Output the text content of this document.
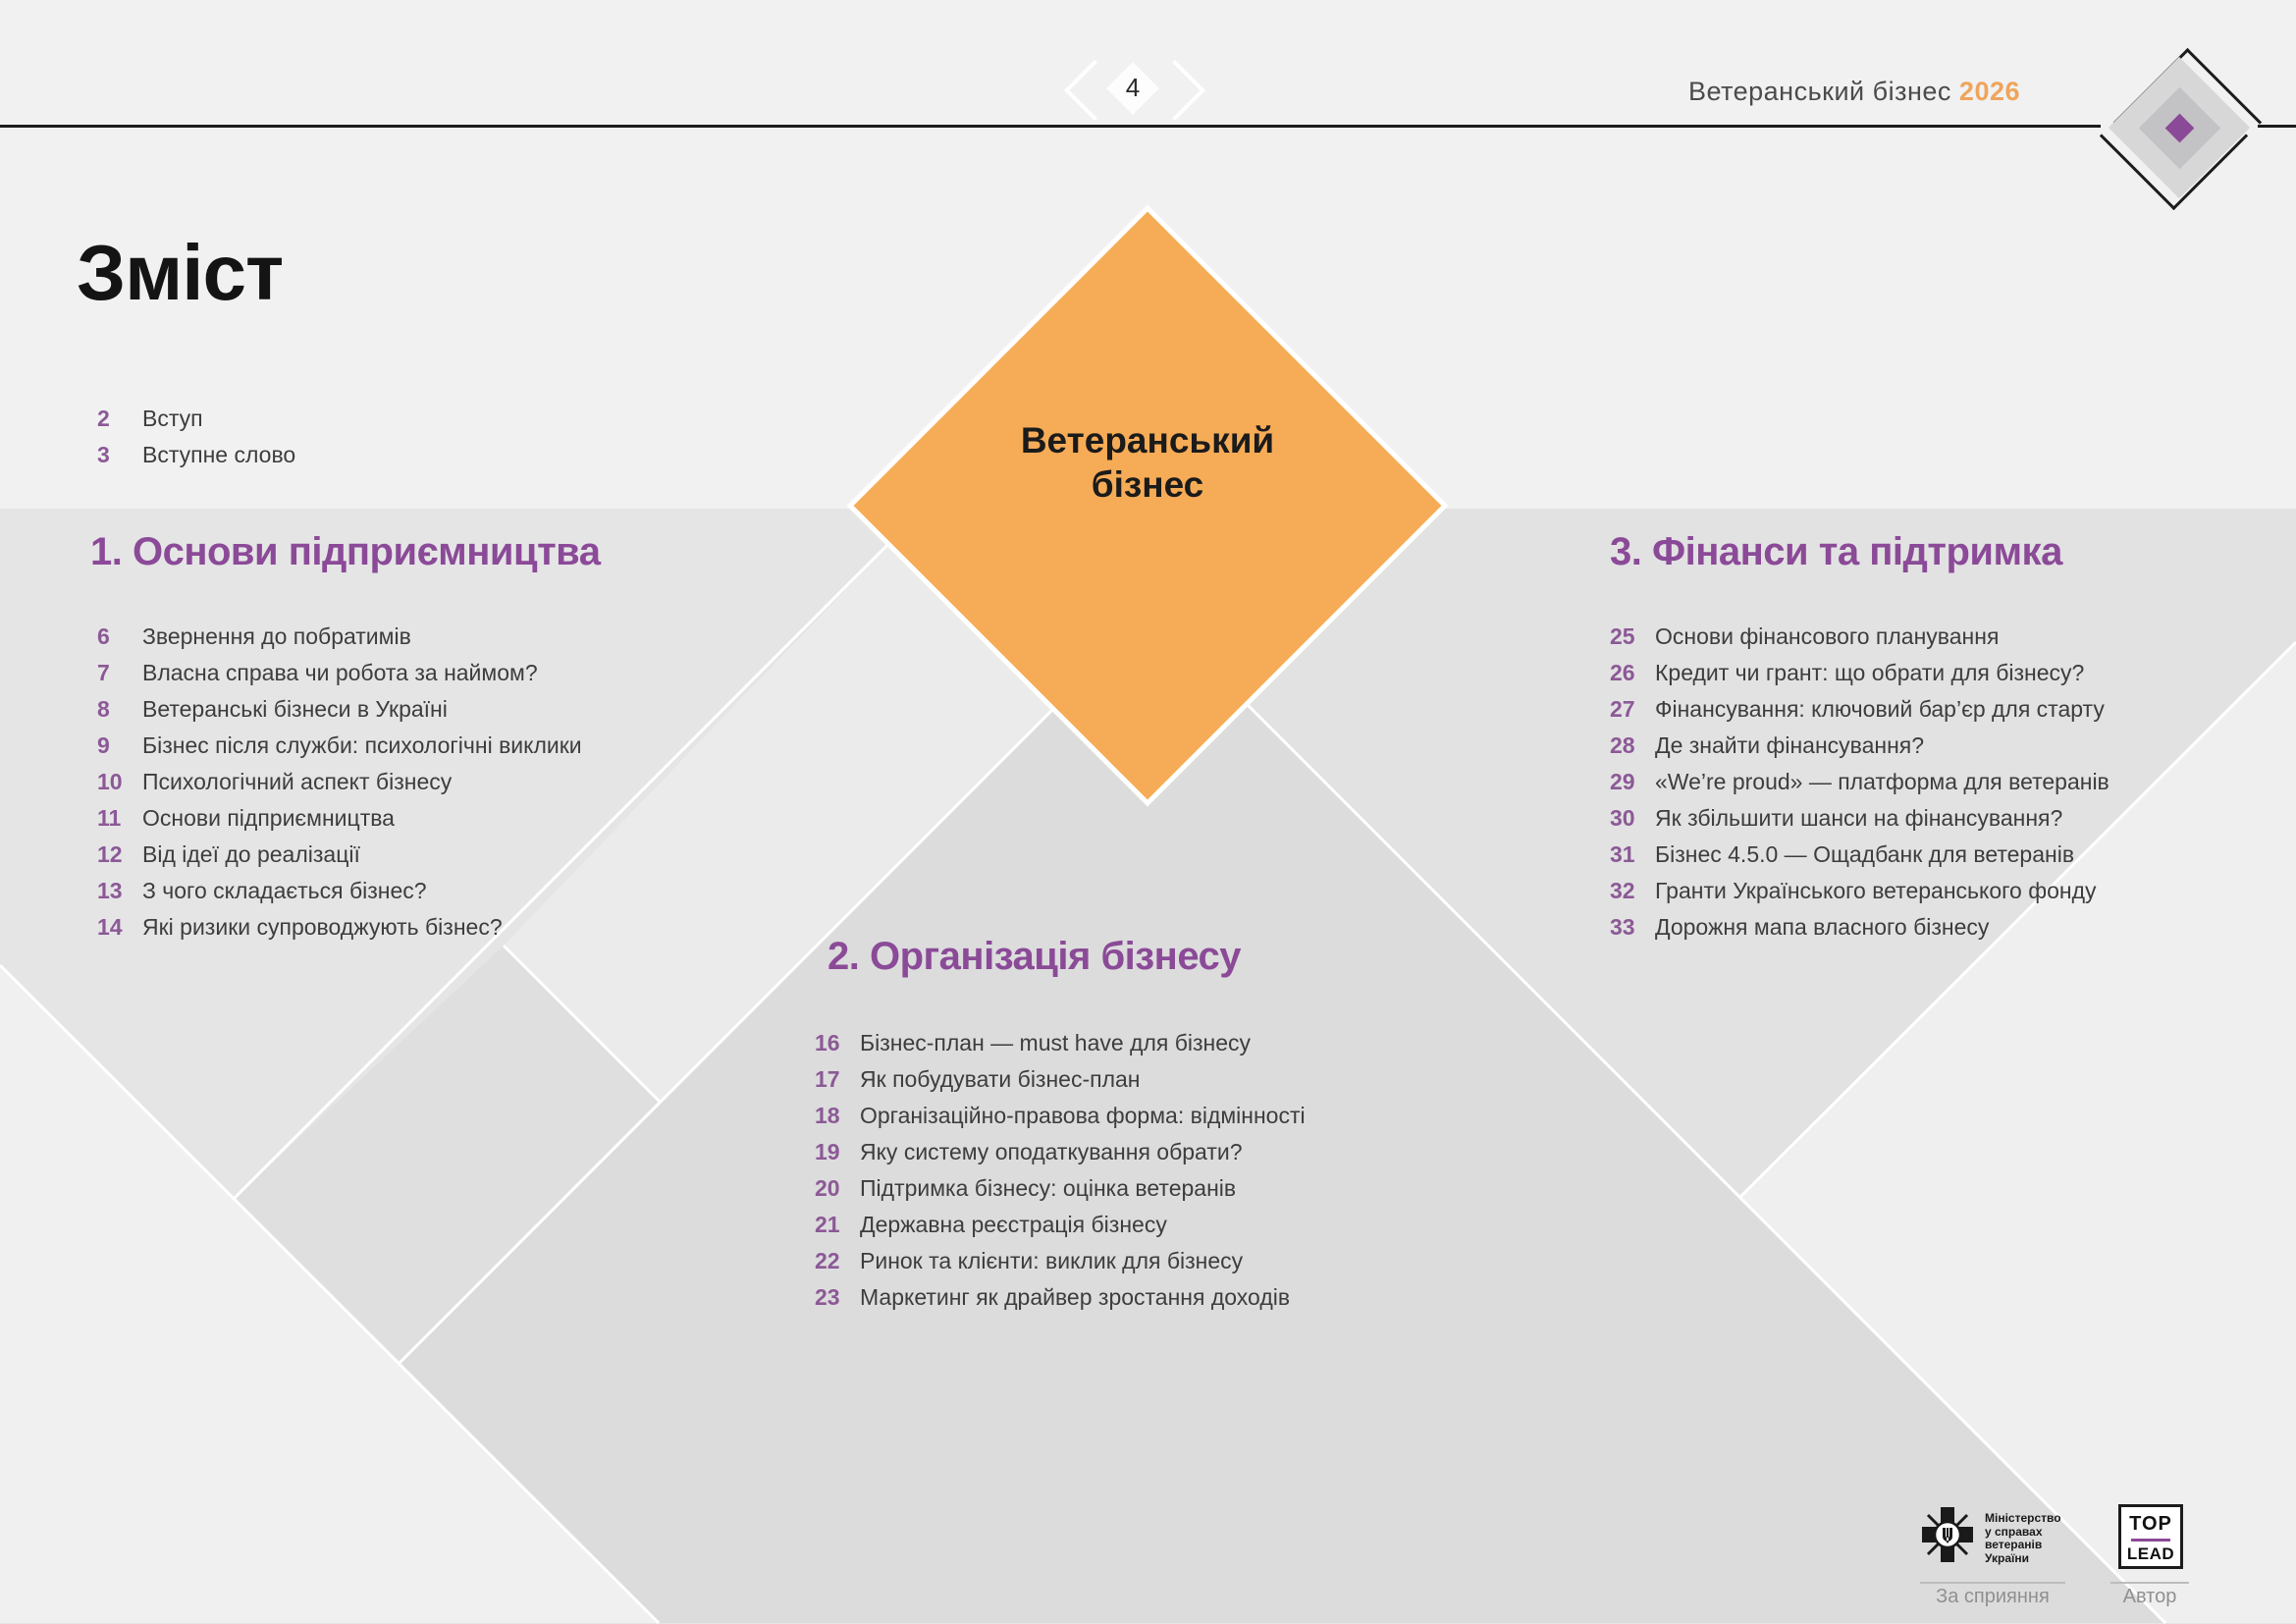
4	Ветеранський бізнес 2026
Зміст
Ветеранський
бізнес
2	Вступ
3	Вступне слово
1. Основи підприємництва
6	Звернення до побратимів
7	Власна справа чи робота за наймом?
8	Ветеранські бізнеси в Україні
9	Бізнес після служби: психологічні виклики
10 Психологічний аспект бізнесу
11 Основи підприємництва
12 Від ідеї до реалізації
13 З чого складається бізнес?
14 Які ризики супроводжують бізнес?
2. Організація бізнесу
16 Бізнес-план — must have для бізнесу
17 Як побудувати бізнес-план
18 Організаційно-правова форма: відмінності
19 Яку систему оподаткування обрати?
20 Підтримка бізнесу: оцінка ветеранів
21 Державна реєстрація бізнесу
22 Ринок та клієнти: виклик для бізнесу
23 Маркетинг як драйвер зростання доходів
3. Фінанси та підтримка
25 Основи фінансового планування
26 Кредит чи грант: що обрати для бізнесу?
27 Фінансування: ключовий бар’єр для старту
28 Де знайти фінансування?
29 «We’re proud» — платформа для ветеранів
30 Як збільшити шанси на фінансування?
31 Бізнес 4.5.0 — Ощадбанк для ветеранів
32 Гранти Українського ветеранського фонду
33 Дорожня мапа власного бізнесу
Міністерство
у справах
ветеранів
України
За сприяння
TOP
LEAD
Автор
